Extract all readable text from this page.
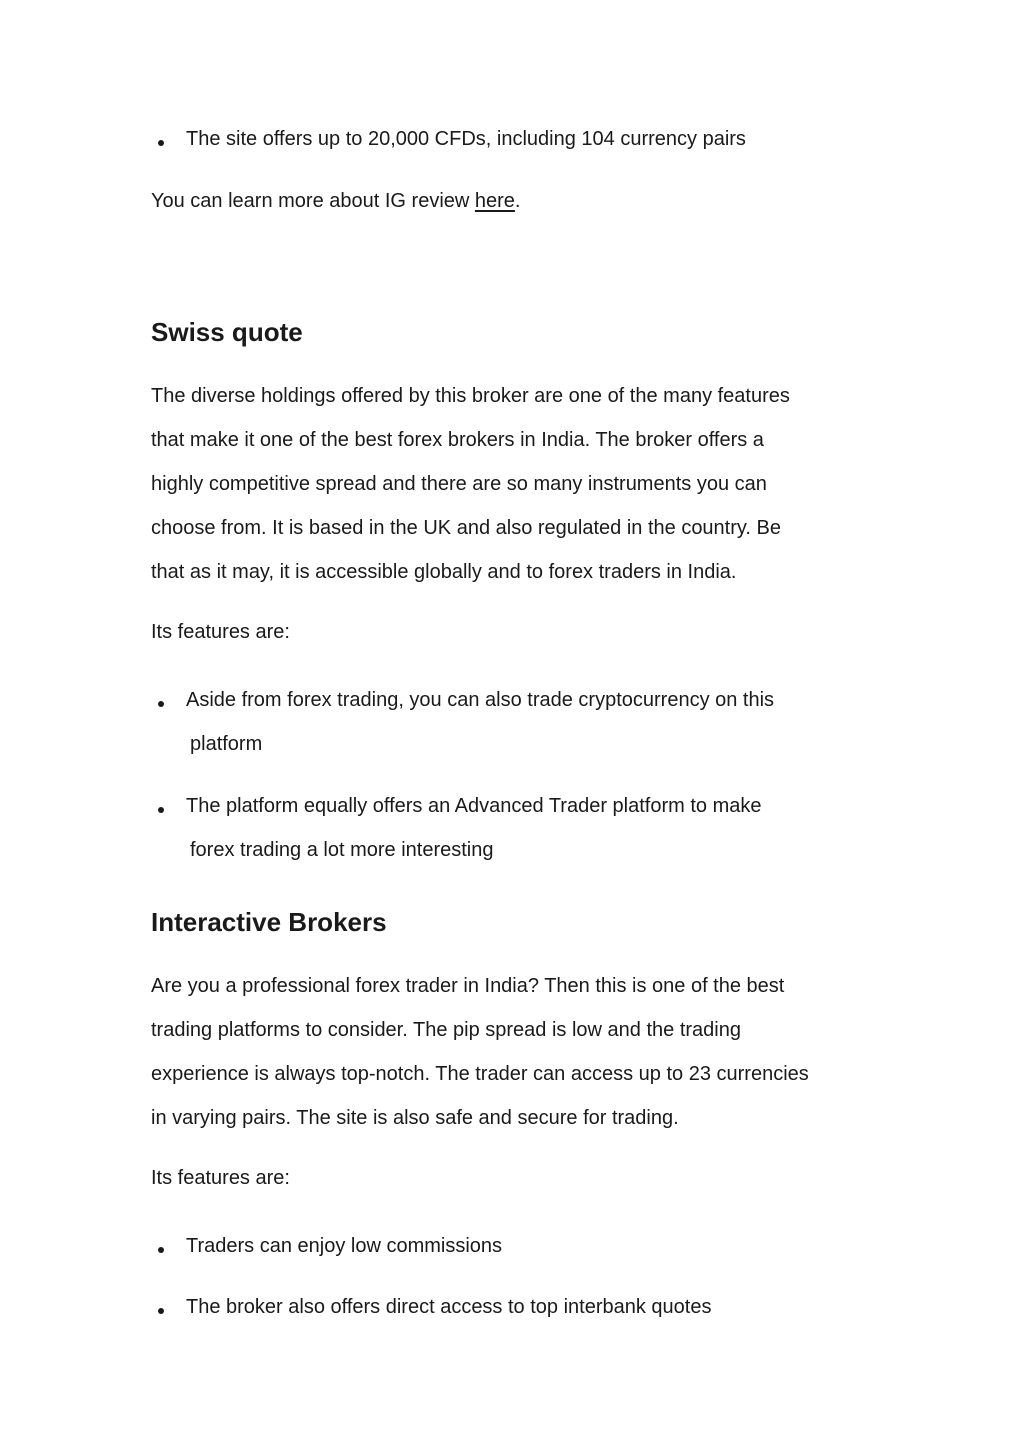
The site offers up to 20,000 CFDs, including 104 currency pairs
You can learn more about IG review here.
Swiss quote
The diverse holdings offered by this broker are one of the many features
that make it one of the best forex brokers in India. The broker offers a
highly competitive spread and there are so many instruments you can
choose from. It is based in the UK and also regulated in the country. Be
that as it may, it is accessible globally and to forex traders in India.
Its features are:
Aside from forex trading, you can also trade cryptocurrency on this
platform
The platform equally offers an Advanced Trader platform to make
forex trading a lot more interesting
Interactive Brokers
Are you a professional forex trader in India? Then this is one of the best
trading platforms to consider. The pip spread is low and the trading
experience is always top-notch. The trader can access up to 23 currencies
in varying pairs. The site is also safe and secure for trading.
Its features are:
Traders can enjoy low commissions
The broker also offers direct access to top interbank quotes
